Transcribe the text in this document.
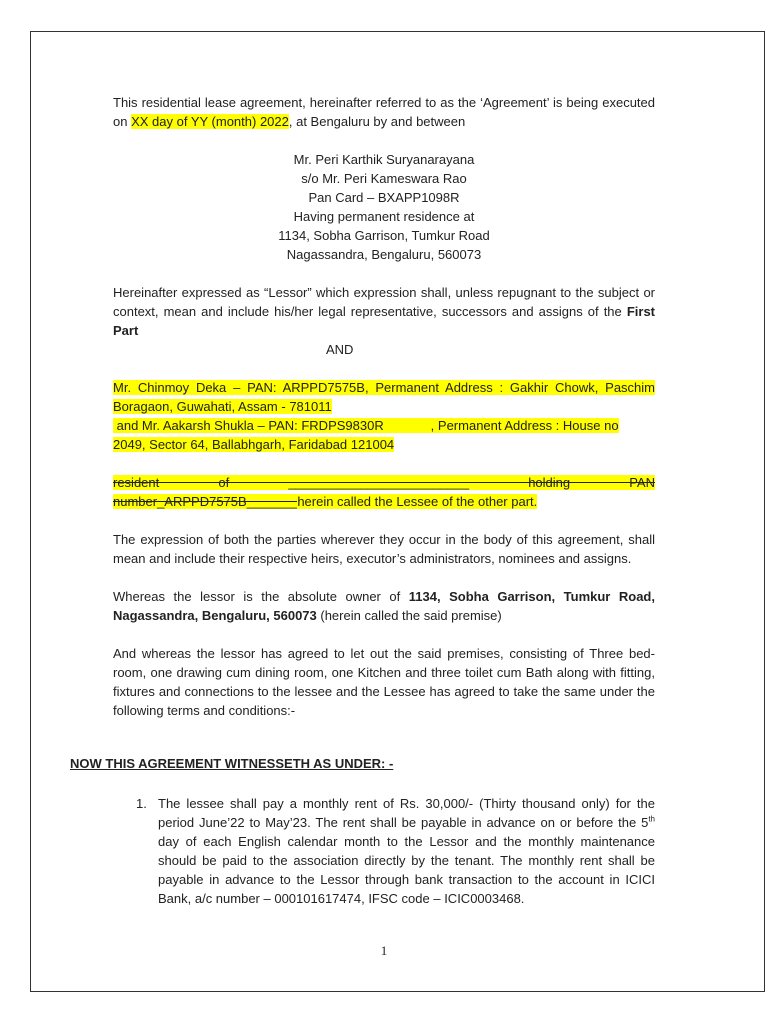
This residential lease agreement, hereinafter referred to as the ‘Agreement’ is being executed on XX day of YY (month) 2022, at Bengaluru by and between

Mr. Peri Karthik Suryanarayana
s/o Mr. Peri Kameswara Rao
Pan Card – BXAPP1098R
Having permanent residence at
1134, Sobha Garrison, Tumkur Road
Nagassandra, Bengaluru, 560073

Hereinafter expressed as “Lessor” which expression shall, unless repugnant to the subject or context, mean and include his/her legal representative, successors and assigns of the First Part

AND

Mr. Chinmoy Deka – PAN: ARPPD7575B, Permanent Address : Gakhir Chowk, Paschim Boragaon, Guwahati, Assam - 781011

and Mr. Aakarsh Shukla – PAN: FRDPS9830R             , Permanent Address : House no

2049, Sector 64, Ballabhgarh, Faridabad 121004

resident of _________________________ holding PAN
number_ARPPD7575B_______herein called the Lessee of the other part.

The expression of both the parties wherever they occur in the body of this agreement, shall mean and include their respective heirs, executor’s administrators, nominees and assigns.

Whereas the lessor is the absolute owner of 1134, Sobha Garrison, Tumkur Road, Nagassandra, Bengaluru, 560073 (herein called the said premise)

And whereas the lessor has agreed to let out the said premises, consisting of Three bed-room, one drawing cum dining room, one Kitchen and three toilet cum Bath along with fitting, fixtures and connections to the lessee and the Lessee has agreed to take the same under the following terms and conditions:-

NOW THIS AGREEMENT WITNESSETH AS UNDER: -
1. The lessee shall pay a monthly rent of Rs. 30,000/- (Thirty thousand only) for the period June’22 to May’23. The rent shall be payable in advance on or before the 5th day of each English calendar month to the Lessor and the monthly maintenance should be paid to the association directly by the tenant. The monthly rent shall be payable in advance to the Lessor through bank transaction to the account in ICICI Bank, a/c number – 000101617474, IFSC code – ICIC0003468.

1
